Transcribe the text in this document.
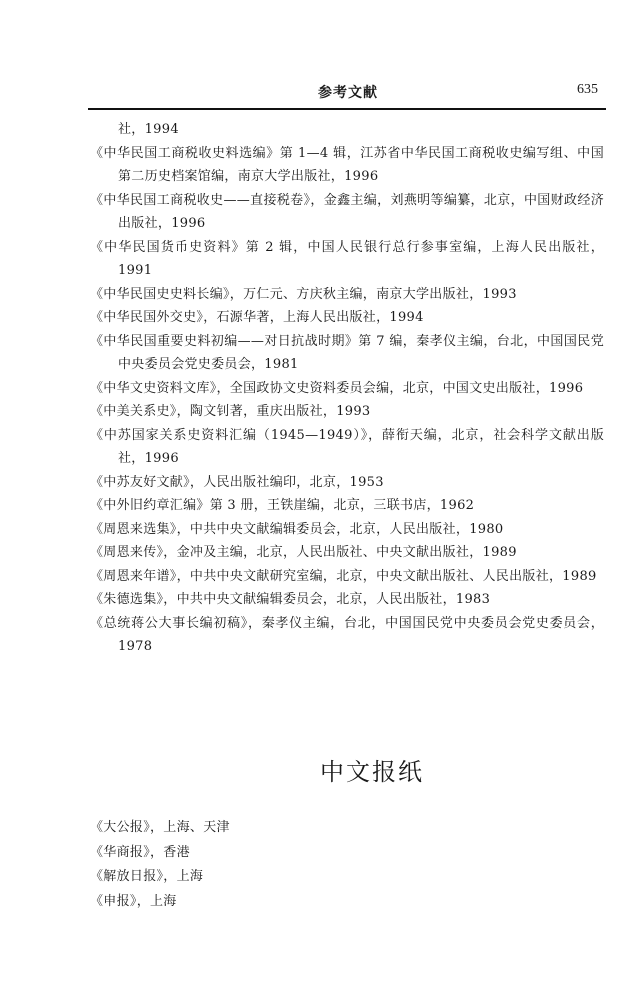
参考文献	635
社，1994
《中华民国工商税收史料选编》第 1—4 辑，江苏省中华民国工商税收史编写组、中国第二历史档案馆编，南京大学出版社，1996
《中华民国工商税收史——直接税卷》，金鑫主编，刘燕明等编纂，北京，中国财政经济出版社，1996
《中华民国货币史资料》第 2 辑，中国人民银行总行参事室编，上海人民出版社，1991
《中华民国史史料长编》，万仁元、方庆秋主编，南京大学出版社，1993
《中华民国外交史》，石源华著，上海人民出版社，1994
《中华民国重要史料初编——对日抗战时期》第 7 编，秦孝仪主编，台北，中国国民党中央委员会党史委员会，1981
《中华文史资料文库》，全国政协文史资料委员会编，北京，中国文史出版社，1996
《中美关系史》，陶文钊著，重庆出版社，1993
《中苏国家关系史资料汇编（1945—1949）》，薛衔天编，北京，社会科学文献出版社，1996
《中苏友好文献》，人民出版社编印，北京，1953
《中外旧约章汇编》第 3 册，王铁崖编，北京，三联书店，1962
《周恩来选集》，中共中央文献编辑委员会，北京，人民出版社，1980
《周恩来传》，金冲及主编，北京，人民出版社、中央文献出版社，1989
《周恩来年谱》，中共中央文献研究室编，北京，中央文献出版社、人民出版社，1989
《朱德选集》，中共中央文献编辑委员会，北京，人民出版社，1983
《总统蒋公大事长编初稿》，秦孝仪主编，台北，中国国民党中央委员会党史委员会，1978
中文报纸
《大公报》，上海、天津
《华商报》，香港
《解放日报》，上海
《申报》，上海
